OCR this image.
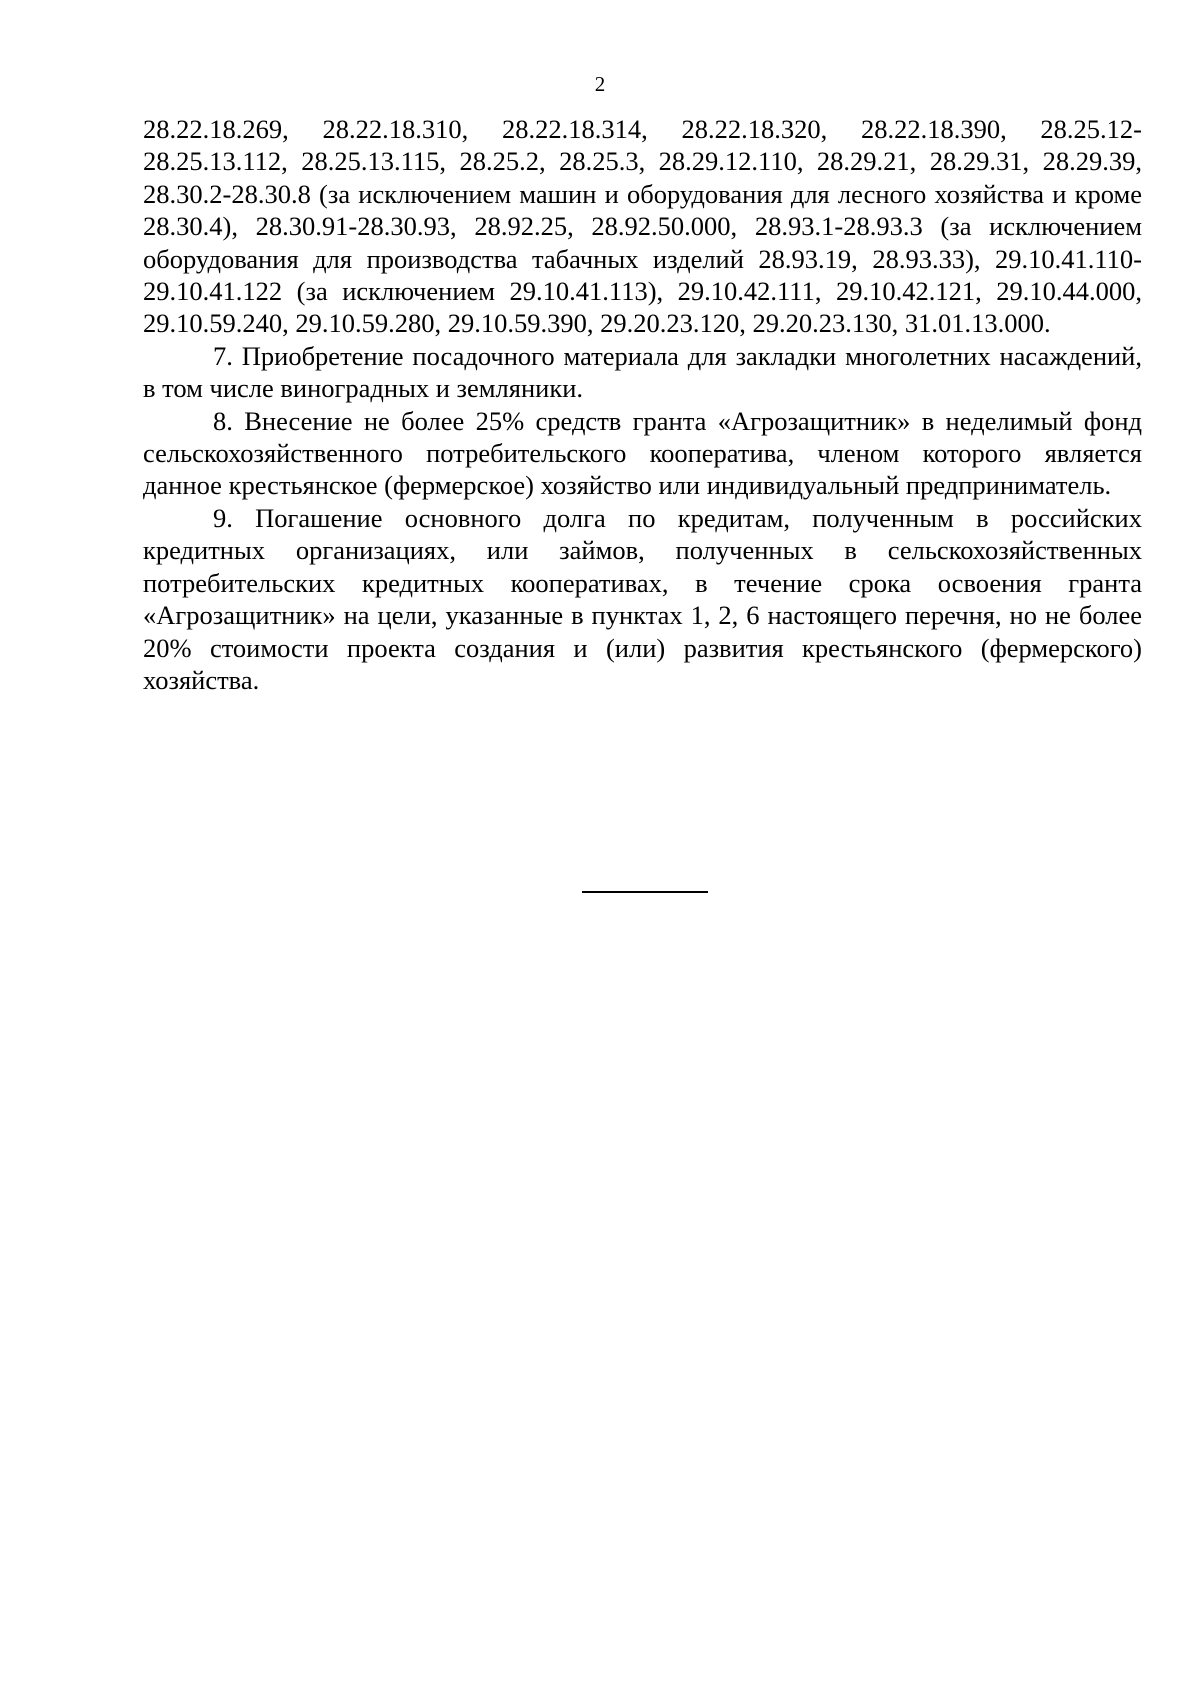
2

28.22.18.269, 28.22.18.310, 28.22.18.314, 28.22.18.320, 28.22.18.390, 28.25.12-28.25.13.112, 28.25.13.115, 28.25.2, 28.25.3, 28.29.12.110, 28.29.21, 28.29.31, 28.29.39, 28.30.2-28.30.8 (за исключением машин и оборудования для лесного хозяйства и кроме 28.30.4), 28.30.91-28.30.93, 28.92.25, 28.92.50.000, 28.93.1-28.93.3 (за исключением оборудования для производства табачных изделий 28.93.19, 28.93.33), 29.10.41.110-29.10.41.122 (за исключением 29.10.41.113), 29.10.42.111, 29.10.42.121, 29.10.44.000, 29.10.59.240, 29.10.59.280, 29.10.59.390, 29.20.23.120, 29.20.23.130, 31.01.13.000.

7. Приобретение посадочного материала для закладки многолетних насаждений, в том числе виноградных и земляники.

8. Внесение не более 25% средств гранта «Агрозащитник» в неделимый фонд сельскохозяйственного потребительского кооператива, членом которого является данное крестьянское (фермерское) хозяйство или индивидуальный предприниматель.

9. Погашение основного долга по кредитам, полученным в российских кредитных организациях, или займов, полученных в сельскохозяйственных потребительских кредитных кооперативах, в течение срока освоения гранта «Агрозащитник» на цели, указанные в пунктах 1, 2, 6 настоящего перечня, но не более 20% стоимости проекта создания и (или) развития крестьянского (фермерского) хозяйства.
